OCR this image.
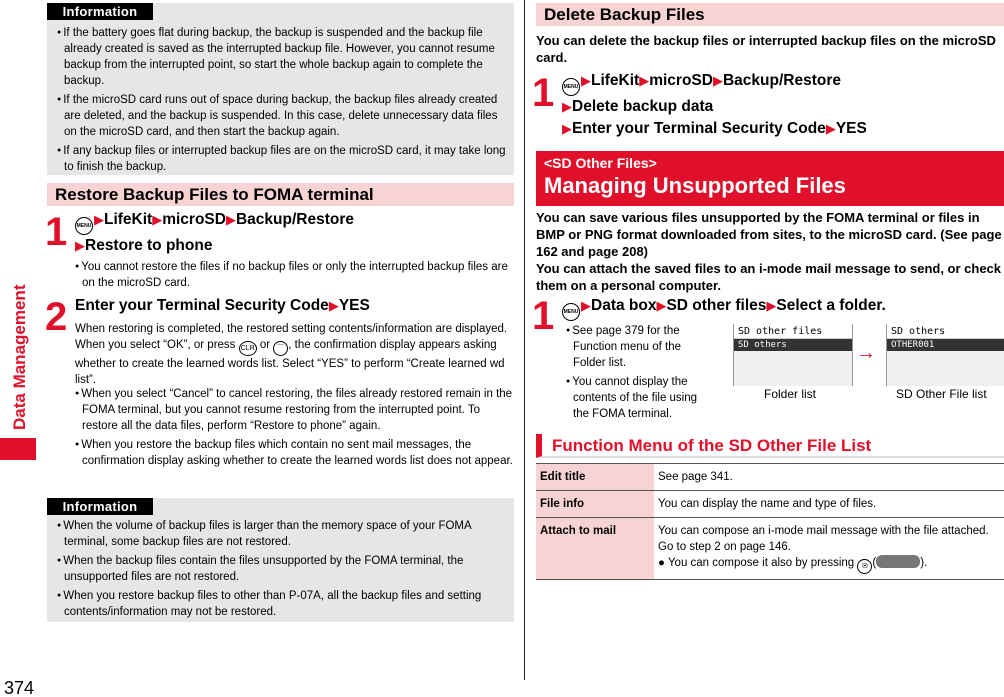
Data Management
374
Information
● If the battery goes flat during backup, the backup is suspended and the backup file already created is saved as the interrupted backup file. However, you cannot resume backup from the interrupted point, so start the whole backup again to complete the backup.
● If the microSD card runs out of space during backup, the backup files already created are deleted, and the backup is suspended. In this case, delete unnecessary data files on the microSD card, and then start the backup again.
● If any backup files or interrupted backup files are on the microSD card, it may take long to finish the backup.
Restore Backup Files to FOMA terminal
1	MENU ▶LifeKit▶microSD▶Backup/Restore
▶Restore to phone
● You cannot restore the files if no backup files or only the interrupted backup files are on the microSD card.
2 Enter your Terminal Security Code▶YES
When restoring is completed, the restored setting contents/information are displayed. When you select “OK”, or press CLR or ⌒ , the confirmation display appears asking whether to create the learned words list. Select “YES” to perform “Create learned wd list”.
● When you select “Cancel” to cancel restoring, the files already restored remain in the FOMA terminal, but you cannot resume restoring from the interrupted point. To restore all the data files, perform “Restore to phone” again.
● When you restore the backup files which contain no sent mail messages, the confirmation display asking whether to create the learned words list does not appear.
Information
● When the volume of backup files is larger than the memory space of your FOMA terminal, some backup files are not restored.
● When the backup files contain the files unsupported by the FOMA terminal, the unsupported files are not restored.
● When you restore backup files to other than P-07A, all the backup files and setting contents/information may not be restored.
Delete Backup Files
You can delete the backup files or interrupted backup files on the microSD card.
1	MENU ▶LifeKit▶microSD▶Backup/Restore
▶Delete backup data
▶Enter your Terminal Security Code▶YES
<SD Other Files>
Managing Unsupported Files
You can save various files unsupported by the FOMA terminal or files in BMP or PNG format downloaded from sites, to the microSD card. (See page 162 and page 208)
You can attach the saved files to an i-mode mail message to send, or check them on a personal computer.
1	MENU ▶Data box▶SD other files▶Select a folder.
● See page 379 for the Function menu of the Folder list.
● You cannot display the contents of the file using the FOMA terminal.
SD other files
SD others
Folder list
→
SD others
OTHER001
SD Other File list
Function Menu of the SD Other File List
Edit title	See page 341.
File info	You can display the name and type of files.
Attach to mail	You can compose an i-mode mail message with the file attached.
Go to step 2 on page 146.
● You can compose it also by pressing ✉ ( ).
